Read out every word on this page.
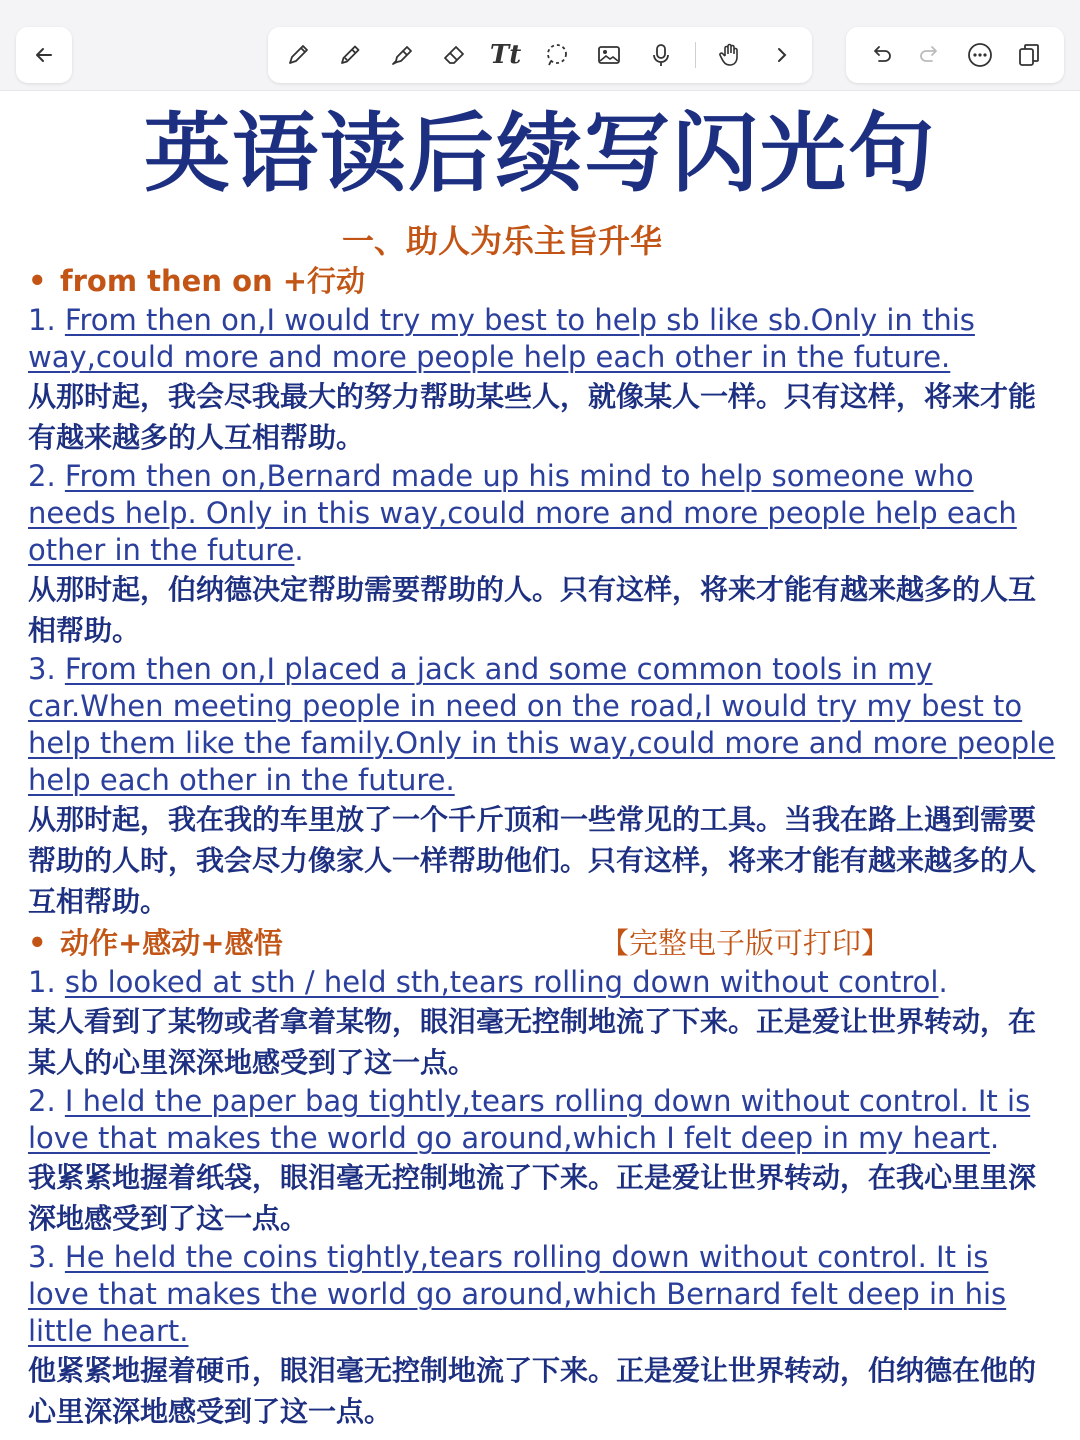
Tt
英语读后续写闪光句
一、助人为乐主旨升华
• from then on +行动
1. From then on,I would try my best to help sb like sb.Only in this way,could more and more people help each other in the future.
从那时起，我会尽我最大的努力帮助某些人，就像某人一样。只有这样，将来才能有越来越多的人互相帮助。
2. From then on,Bernard made up his mind to help someone who needs help. Only in this way,could more and more people help each other in the future.
从那时起，伯纳德决定帮助需要帮助的人。只有这样，将来才能有越来越多的人互相帮助。
3. From then on,I placed a jack and some common tools in my car.When meeting people in need on the road,I would try my best to help them like the family.Only in this way,could more and more people help each other in the future.
从那时起，我在我的车里放了一个千斤顶和一些常见的工具。当我在路上遇到需要帮助的人时，我会尽力像家人一样帮助他们。只有这样，将来才能有越来越多的人互相帮助。
• 动作+感动+感悟	【完整电子版可打印】
1. sb looked at sth / held sth,tears rolling down without control.
某人看到了某物或者拿着某物，眼泪毫无控制地流了下来。正是爱让世界转动，在某人的心里深深地感受到了这一点。
2. I held the paper bag tightly,tears rolling down without control. It is love that makes the world go around,which I felt deep in my heart.
我紧紧地握着纸袋，眼泪毫无控制地流了下来。正是爱让世界转动，在我心里里深深地感受到了这一点。
3. He held the coins tightly,tears rolling down without control. It is love that makes the world go around,which Bernard felt deep in his little heart.
他紧紧地握着硬币，眼泪毫无控制地流了下来。正是爱让世界转动，伯纳德在他的心里深深地感受到了这一点。
